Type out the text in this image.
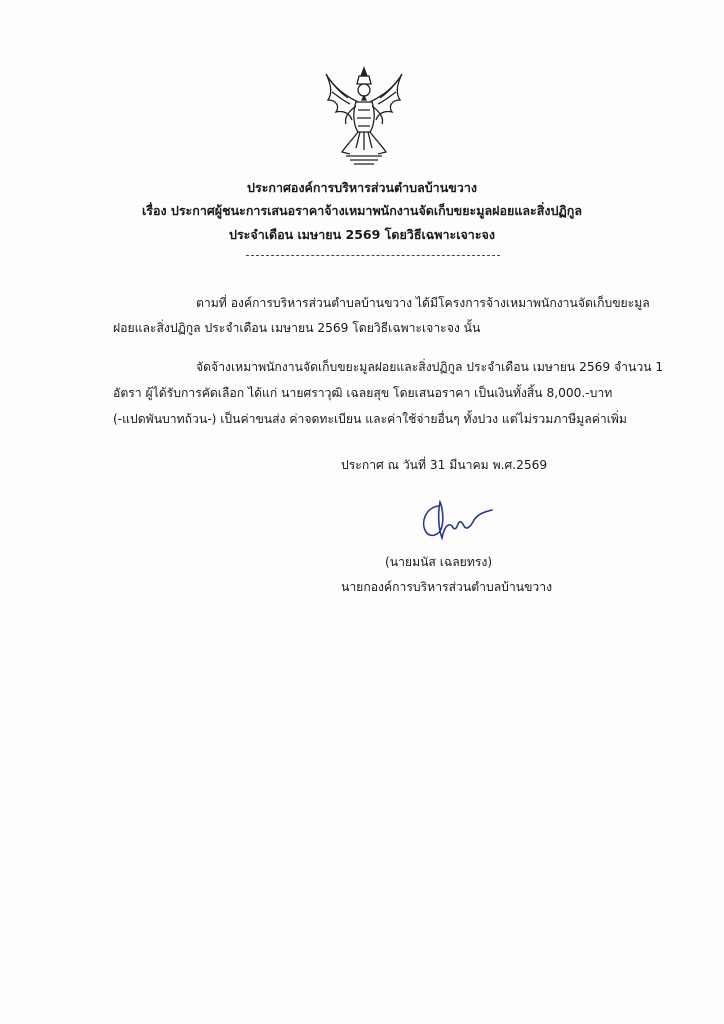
ประกาศองค์การบริหารส่วนตำบลบ้านขวาง
เรื่อง ประกาศผู้ชนะการเสนอราคาจ้างเหมาพนักงานจัดเก็บขยะมูลฝอยและสิ่งปฏิกูล
ประจำเดือน เมษายน 2569 โดยวิธีเฉพาะเจาะจง
ตามที่ องค์การบริหารส่วนตำบลบ้านขวาง ได้มีโครงการจ้างเหมาพนักงานจัดเก็บขยะมูล
ฝอยและสิ่งปฏิกูล ประจำเดือน เมษายน 2569 โดยวิธีเฉพาะเจาะจง นั้น
จัดจ้างเหมาพนักงานจัดเก็บขยะมูลฝอยและสิ่งปฏิกูล ประจำเดือน เมษายน 2569 จำนวน 1
อัตรา ผู้ได้รับการคัดเลือก ได้แก่ นายศราวุฒิ เฉลยสุข โดยเสนอราคา เป็นเงินทั้งสิ้น 8,000.-บาท
(-แปดพันบาทถ้วน-) เป็นค่าขนส่ง ค่าจดทะเบียน และค่าใช้จ่ายอื่นๆ ทั้งปวง แต่ไม่รวมภาษีมูลค่าเพิ่ม
ประกาศ ณ วันที่ 31 มีนาคม พ.ศ.2569
(นายมนัส เฉลยทรง)
นายกองค์การบริหารส่วนตำบลบ้านขวาง
